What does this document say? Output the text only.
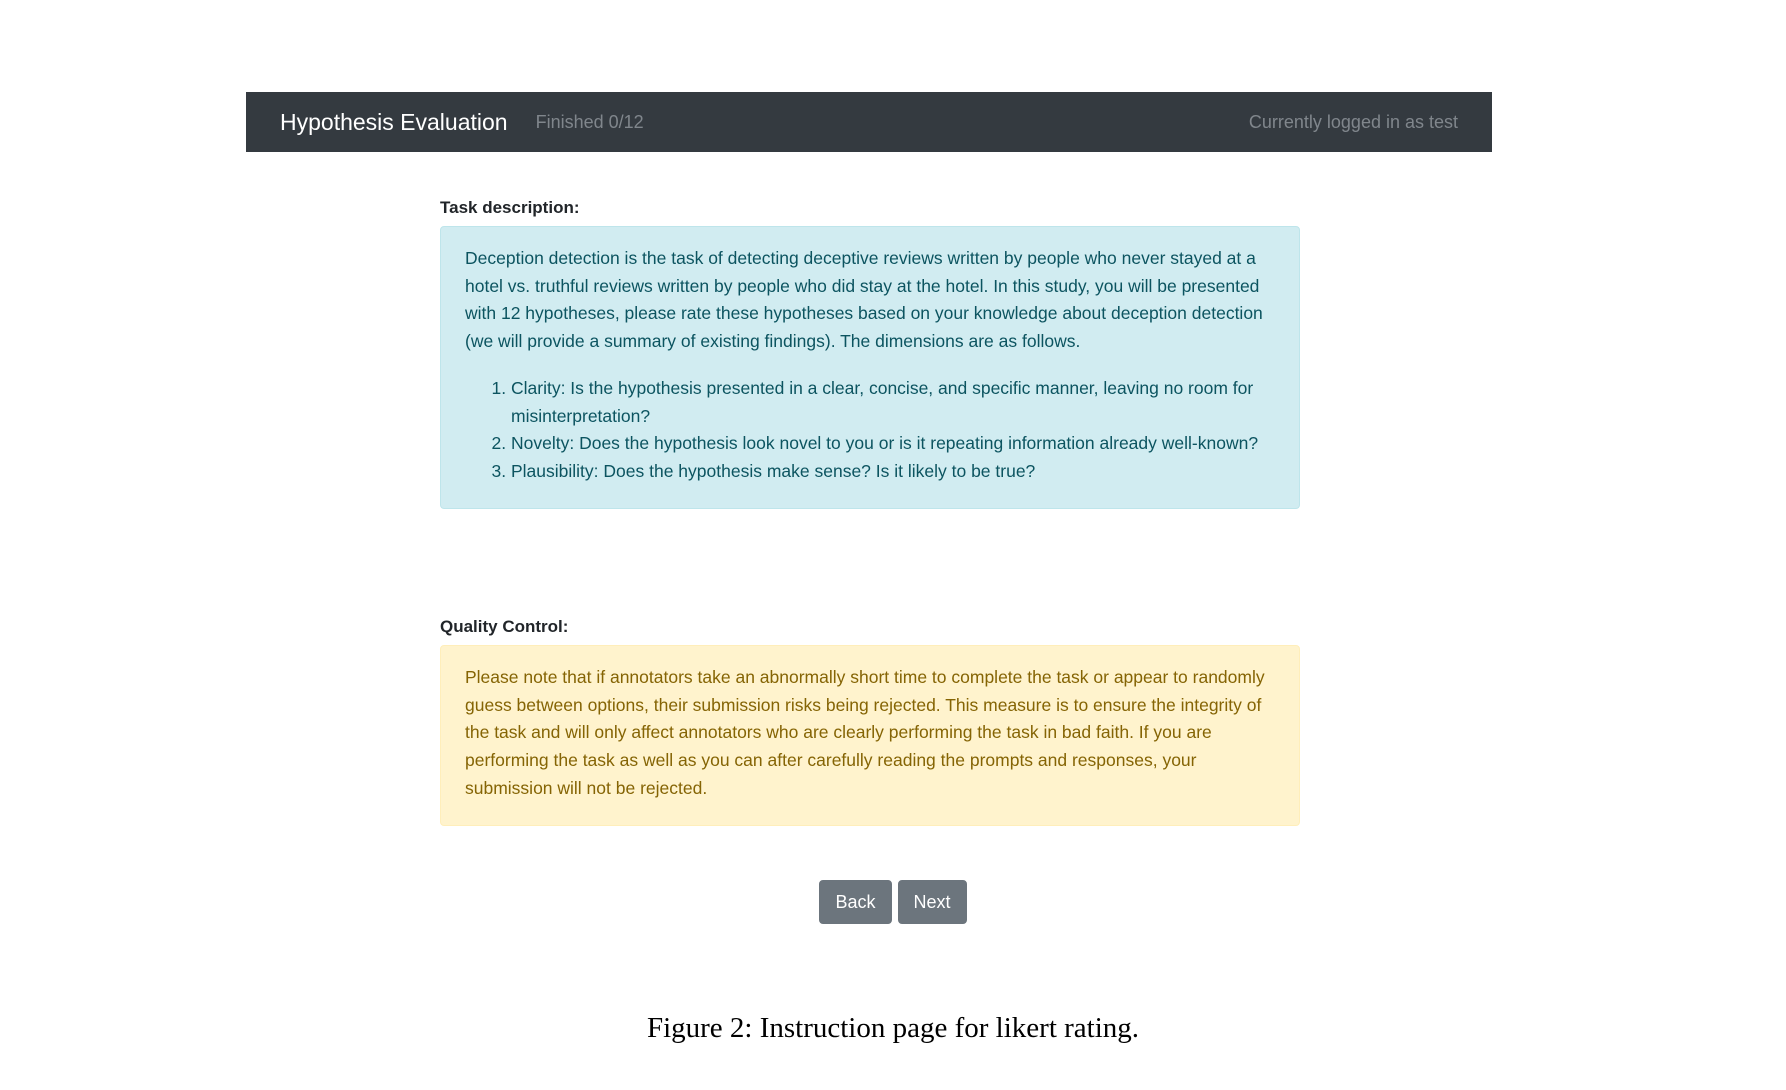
Hypothesis Evaluation Finished 0/12	Currently logged in as test
Task description:

Deception detection is the task of detecting deceptive reviews written by people who never stayed at a hotel vs. truthful reviews written by people who did stay at the hotel. In this study, you will be presented with 12 hypotheses, please rate these hypotheses based on your knowledge about deception detection (we will provide a summary of existing findings). The dimensions are as follows.

1. Clarity: Is the hypothesis presented in a clear, concise, and specific manner, leaving no room for misinterpretation?
2. Novelty: Does the hypothesis look novel to you or is it repeating information already well-known?
3. Plausibility: Does the hypothesis make sense? Is it likely to be true?
Quality Control:

Please note that if annotators take an abnormally short time to complete the task or appear to randomly guess between options, their submission risks being rejected. This measure is to ensure the integrity of the task and will only affect annotators who are clearly performing the task in bad faith. If you are performing the task as well as you can after carefully reading the prompts and responses, your submission will not be rejected.

Back Next
Figure 2: Instruction page for likert rating.
